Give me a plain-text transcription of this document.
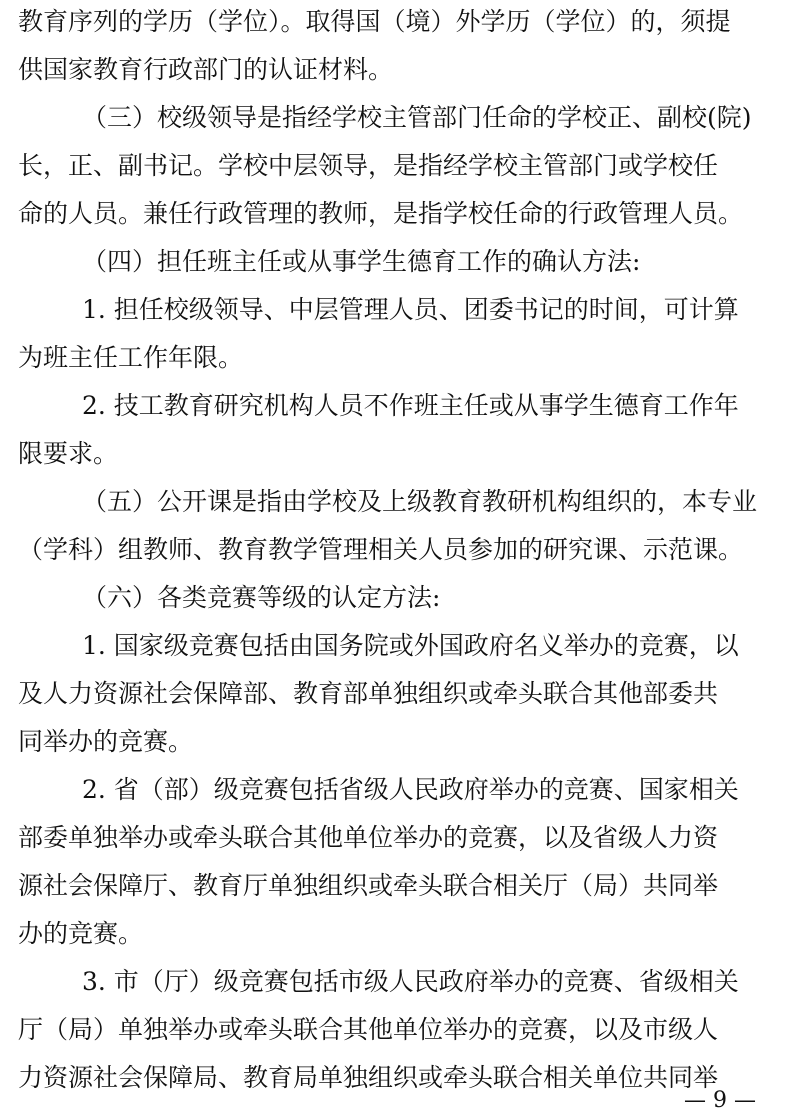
教育序列的学历（学位）。取得国（境）外学历（学位）的，须提
供国家教育行政部门的认证材料。
（三）校级领导是指经学校主管部门任命的学校正、副校(院)
长，正、副书记。学校中层领导，是指经学校主管部门或学校任
命的人员。兼任行政管理的教师，是指学校任命的行政管理人员。
（四）担任班主任或从事学生德育工作的确认方法:
1. 担任校级领导、中层管理人员、团委书记的时间，可计算
为班主任工作年限。
2. 技工教育研究机构人员不作班主任或从事学生德育工作年
限要求。
（五）公开课是指由学校及上级教育教研机构组织的，本专业
（学科）组教师、教育教学管理相关人员参加的研究课、示范课。
（六）各类竞赛等级的认定方法:
1. 国家级竞赛包括由国务院或外国政府名义举办的竞赛，以
及人力资源社会保障部、教育部单独组织或牵头联合其他部委共
同举办的竞赛。
2. 省（部）级竞赛包括省级人民政府举办的竞赛、国家相关
部委单独举办或牵头联合其他单位举办的竞赛，以及省级人力资
源社会保障厅、教育厅单独组织或牵头联合相关厅（局）共同举
办的竞赛。
3. 市（厅）级竞赛包括市级人民政府举办的竞赛、省级相关
厅（局）单独举办或牵头联合其他单位举办的竞赛，以及市级人
力资源社会保障局、教育局单独组织或牵头联合相关单位共同举
— 9 —
